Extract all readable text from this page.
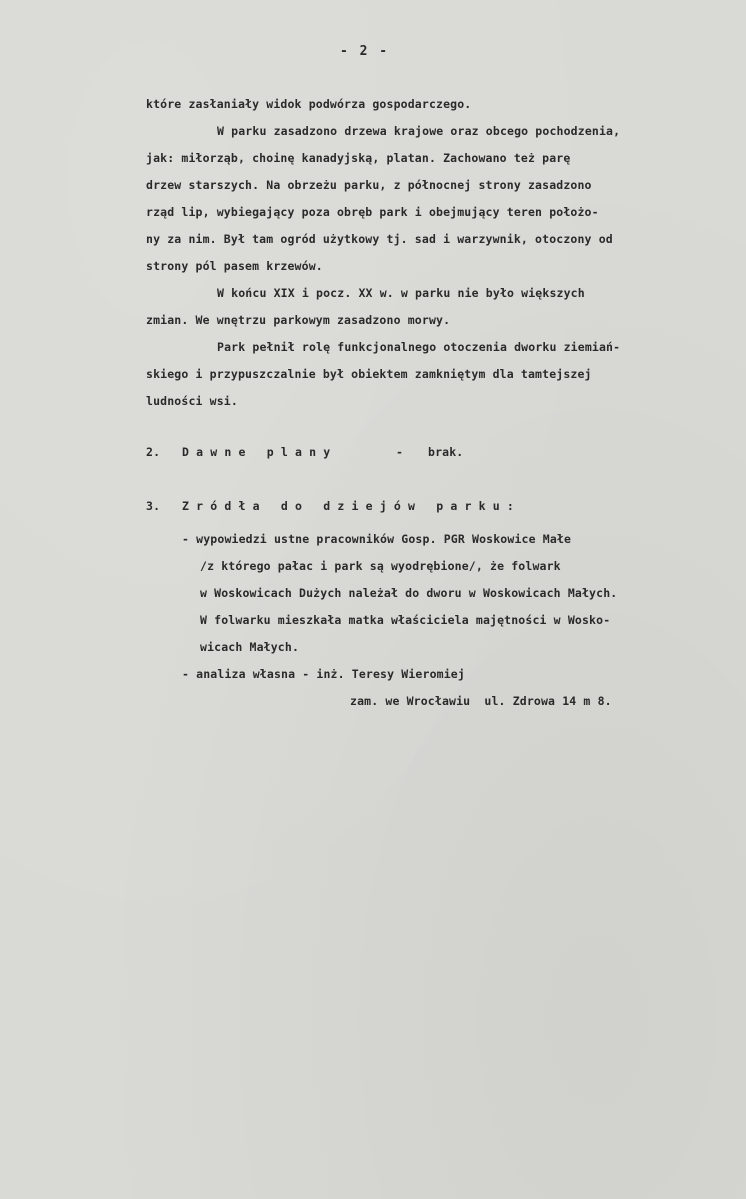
- 2 -
które zasłaniały widok podwórza gospodarczego.
W parku zasadzono drzewa krajowe oraz obcego pochodzenia,
jak: miłorząb, choinę kanadyjską, platan. Zachowano też parę
drzew starszych. Na obrzeżu parku, z północnej strony zasadzono
rząd lip, wybiegający poza obręb park i obejmujący teren położo-
ny za nim. Był tam ogród użytkowy tj. sad i warzywnik, otoczony od
strony pól pasem krzewów.
W końcu XIX i pocz. XX w. w parku nie było większych
zmian. We wnętrzu parkowym zasadzono morwy.
Park pełnił rolę funkcjonalnego otoczenia dworku ziemiań-
skiego i przypuszczalnie był obiektem zamkniętym dla tamtejszej
ludności wsi.
2. Dawne plany	- brak.
3. Zródła do dziejów parku:
- wypowiedzi ustne pracowników Gosp. PGR Woskowice Małe
/z którego pałac i park są wyodrębione/, że folwark
w Woskowicach Dużych należał do dworu w Woskowicach Małych.
W folwarku mieszkała matka właściciela majętności w Wosko-
wicach Małych.
- analiza własna - inż. Teresy Wieromiej
zam. we Wrocławiu  ul. Zdrowa 14 m 8.
